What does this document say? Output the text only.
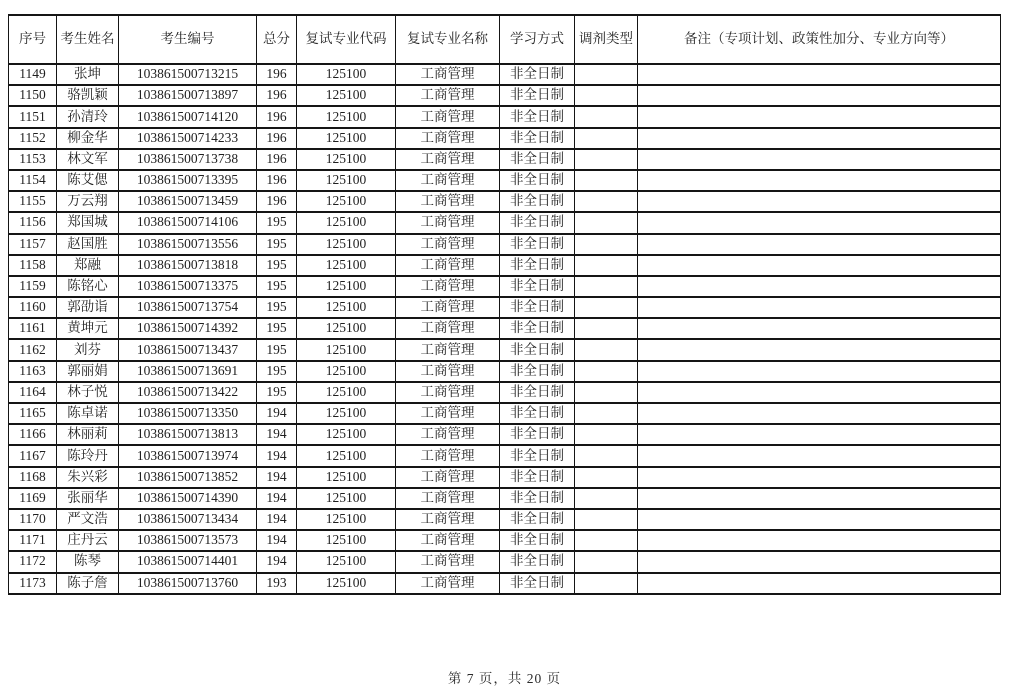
序号	考生姓名	考生编号	总分	复试专业代码	复试专业名称	学习方式	调剂类型	备注（专项计划、政策性加分、专业方向等）
1149	张坤	103861500713215	196	125100	工商管理	非全日制		
1150	骆凯颖	103861500713897	196	125100	工商管理	非全日制		
1151	孙清玲	103861500714120	196	125100	工商管理	非全日制		
1152	柳金华	103861500714233	196	125100	工商管理	非全日制		
1153	林文军	103861500713738	196	125100	工商管理	非全日制		
1154	陈艾偲	103861500713395	196	125100	工商管理	非全日制		
1155	万云翔	103861500713459	196	125100	工商管理	非全日制		
1156	郑国城	103861500714106	195	125100	工商管理	非全日制		
1157	赵国胜	103861500713556	195	125100	工商管理	非全日制		
1158	郑融	103861500713818	195	125100	工商管理	非全日制		
1159	陈铭心	103861500713375	195	125100	工商管理	非全日制		
1160	郭劭诣	103861500713754	195	125100	工商管理	非全日制		
1161	黄坤元	103861500714392	195	125100	工商管理	非全日制		
1162	刘芬	103861500713437	195	125100	工商管理	非全日制		
1163	郭丽娟	103861500713691	195	125100	工商管理	非全日制		
1164	林子悦	103861500713422	195	125100	工商管理	非全日制		
1165	陈卓诺	103861500713350	194	125100	工商管理	非全日制		
1166	林丽莉	103861500713813	194	125100	工商管理	非全日制		
1167	陈玲丹	103861500713974	194	125100	工商管理	非全日制		
1168	朱兴彩	103861500713852	194	125100	工商管理	非全日制		
1169	张丽华	103861500714390	194	125100	工商管理	非全日制		
1170	严文浩	103861500713434	194	125100	工商管理	非全日制		
1171	庄丹云	103861500713573	194	125100	工商管理	非全日制		
1172	陈琴	103861500714401	194	125100	工商管理	非全日制		
1173	陈子詹	103861500713760	193	125100	工商管理	非全日制		
第 7 页，共 20 页
